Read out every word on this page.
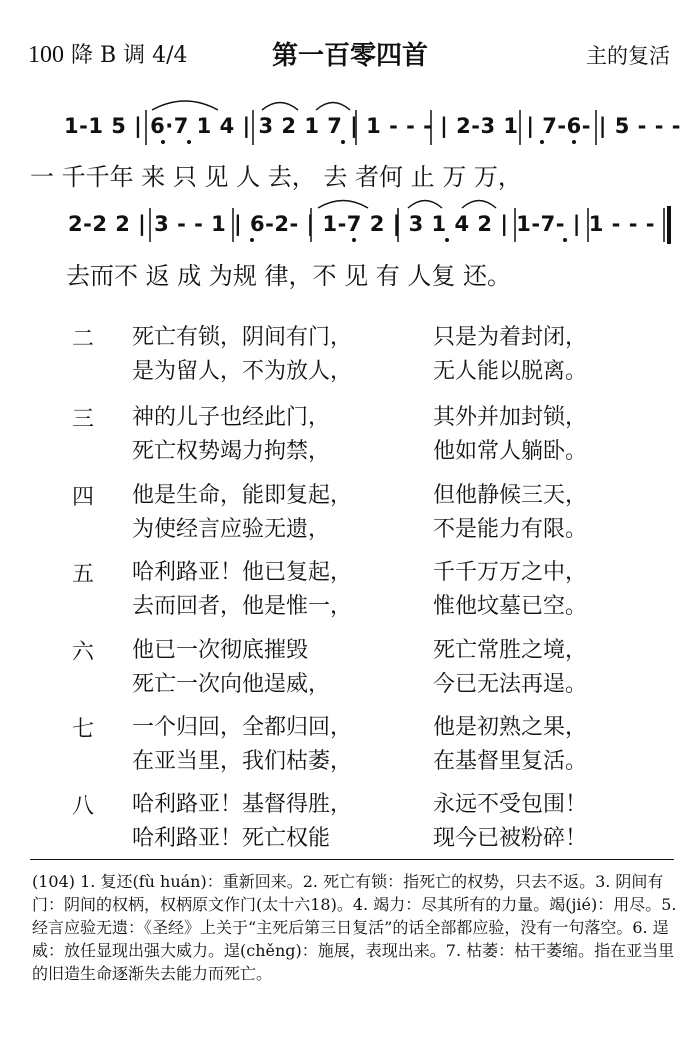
100 降 B 调 4/4	第一百零四首	主的复活
1-1 5 | 6·7 1 4 | 3 2 1 7 | 1 - - - | 2-3 1 | 7-6- | 5 - - -
一 千千年 来 只 见 人 去， 去 者何 止 万 万，
2-2 2 | 3 - - 1 | 6-2- | 1-7 2 | 3 1 4 2 | 1-7- | 1 - - -
去而不 返 成 为规 律，不 见 有 人复 还。
二 死亡有锁，阴间有门，	只是为着封闭，
是为留人，不为放人，	无人能以脱离。
三 神的儿子也经此门，	其外并加封锁，
死亡权势竭力拘禁，	他如常人躺卧。
四 他是生命，能即复起，	但他静候三天，
为使经言应验无遗，	不是能力有限。
五 哈利路亚！他已复起，	千千万万之中，
去而回者，他是惟一，	惟他坟墓已空。
六 他已一次彻底摧毁	死亡常胜之境，
死亡一次向他逞威，	今已无法再逞。
七 一个归回，全都归回，	他是初熟之果，
在亚当里，我们枯萎，	在基督里复活。
八 哈利路亚！基督得胜，	永远不受包围！
哈利路亚！死亡权能	现今已被粉碎！
(104) 1. 复还(fù huán)：重新回来。2. 死亡有锁：指死亡的权势，只去不返。3. 阴间有门：阴间的权柄，权柄原文作门(太十六18)。4. 竭力：尽其所有的力量。竭(jié)：用尽。5. 经言应验无遗：《圣经》上关于“主死后第三日复活”的话全部都应验，没有一句落空。6. 逞威：放任显现出强大威力。逞(chěng)：施展，表现出来。7. 枯萎：枯干萎缩。指在亚当里的旧造生命逐渐失去能力而死亡。
